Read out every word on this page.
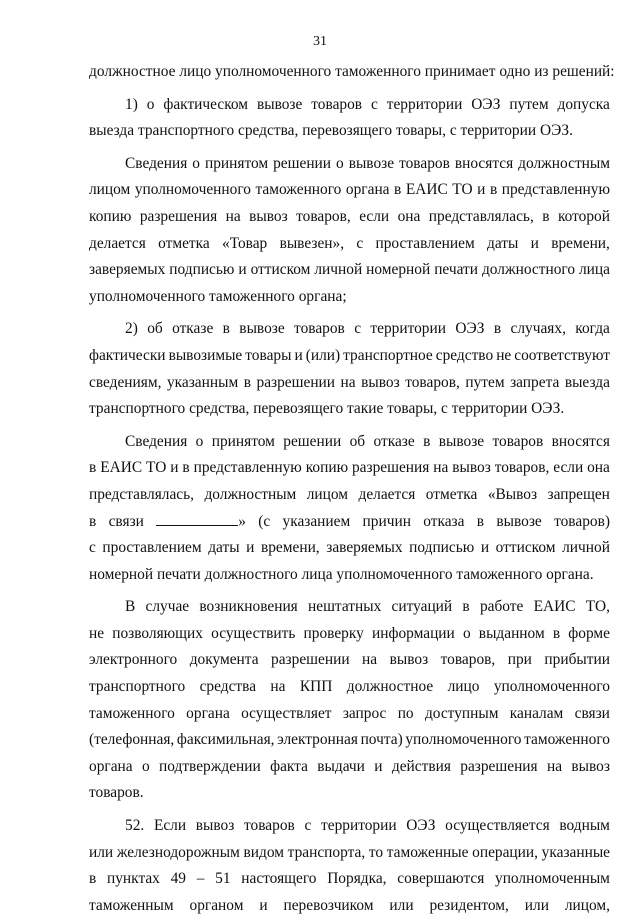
31
должностное
лицо
уполномоченного
таможенного
принимает
одно
из
решений:
1) о фактическом вывозе товаров с территории ОЭЗ путем допуска
выезда
транспортного
средства,
перевозящего
товары,
с
территории
ОЭЗ.
Сведения о принятом решении о вывозе товаров вносятся должностным
лицом уполномоченного таможенного органа в ЕАИС ТО и в представленную
копию разрешения на вывоз товаров, если она представлялась, в которой
делается отметка «Товар вывезен», с проставлением даты и времени,
заверяемых подписью и оттиском личной номерной печати должностного лица
уполномоченного
таможенного
органа;
2) об отказе в вывозе товаров с территории ОЭЗ в случаях, когда
фактически вывозимые товары и (или) транспортное средство не соответствуют
сведениям, указанным в разрешении на вывоз товаров, путем запрета выезда
транспортного
средства,
перевозящего
такие
товары,
с
территории
ОЭЗ.
Сведения о принятом решении об отказе в вывозе товаров вносятся
в ЕАИС ТО и в представленную копию разрешения на вывоз товаров, если она
представлялась, должностным лицом делается отметка «Вывоз запрещен
в связи	» (с указанием причин отказа в вывозе товаров)
с проставлением даты и времени, заверяемых подписью и оттиском личной
номерной
печати
должностного
лица
уполномоченного
таможенного
органа.
В случае возникновения нештатных ситуаций в работе ЕАИС ТО,
не позволяющих осуществить проверку информации о выданном в форме
электронного документа разрешении на вывоз товаров, при прибытии
транспортного средства на КПП должностное лицо уполномоченного
таможенного органа осуществляет запрос по доступным каналам связи
(телефонная, факсимильная, электронная почта) уполномоченного таможенного
органа о подтверждении факта выдачи и действия разрешения на вывоз
товаров.
52. Если вывоз товаров с территории ОЭЗ осуществляется водным
или железнодорожным видом транспорта, то таможенные операции, указанные
в пунктах 49 – 51 настоящего Порядка, совершаются уполномоченным
таможенным органом и перевозчиком или резидентом, или лицом,
